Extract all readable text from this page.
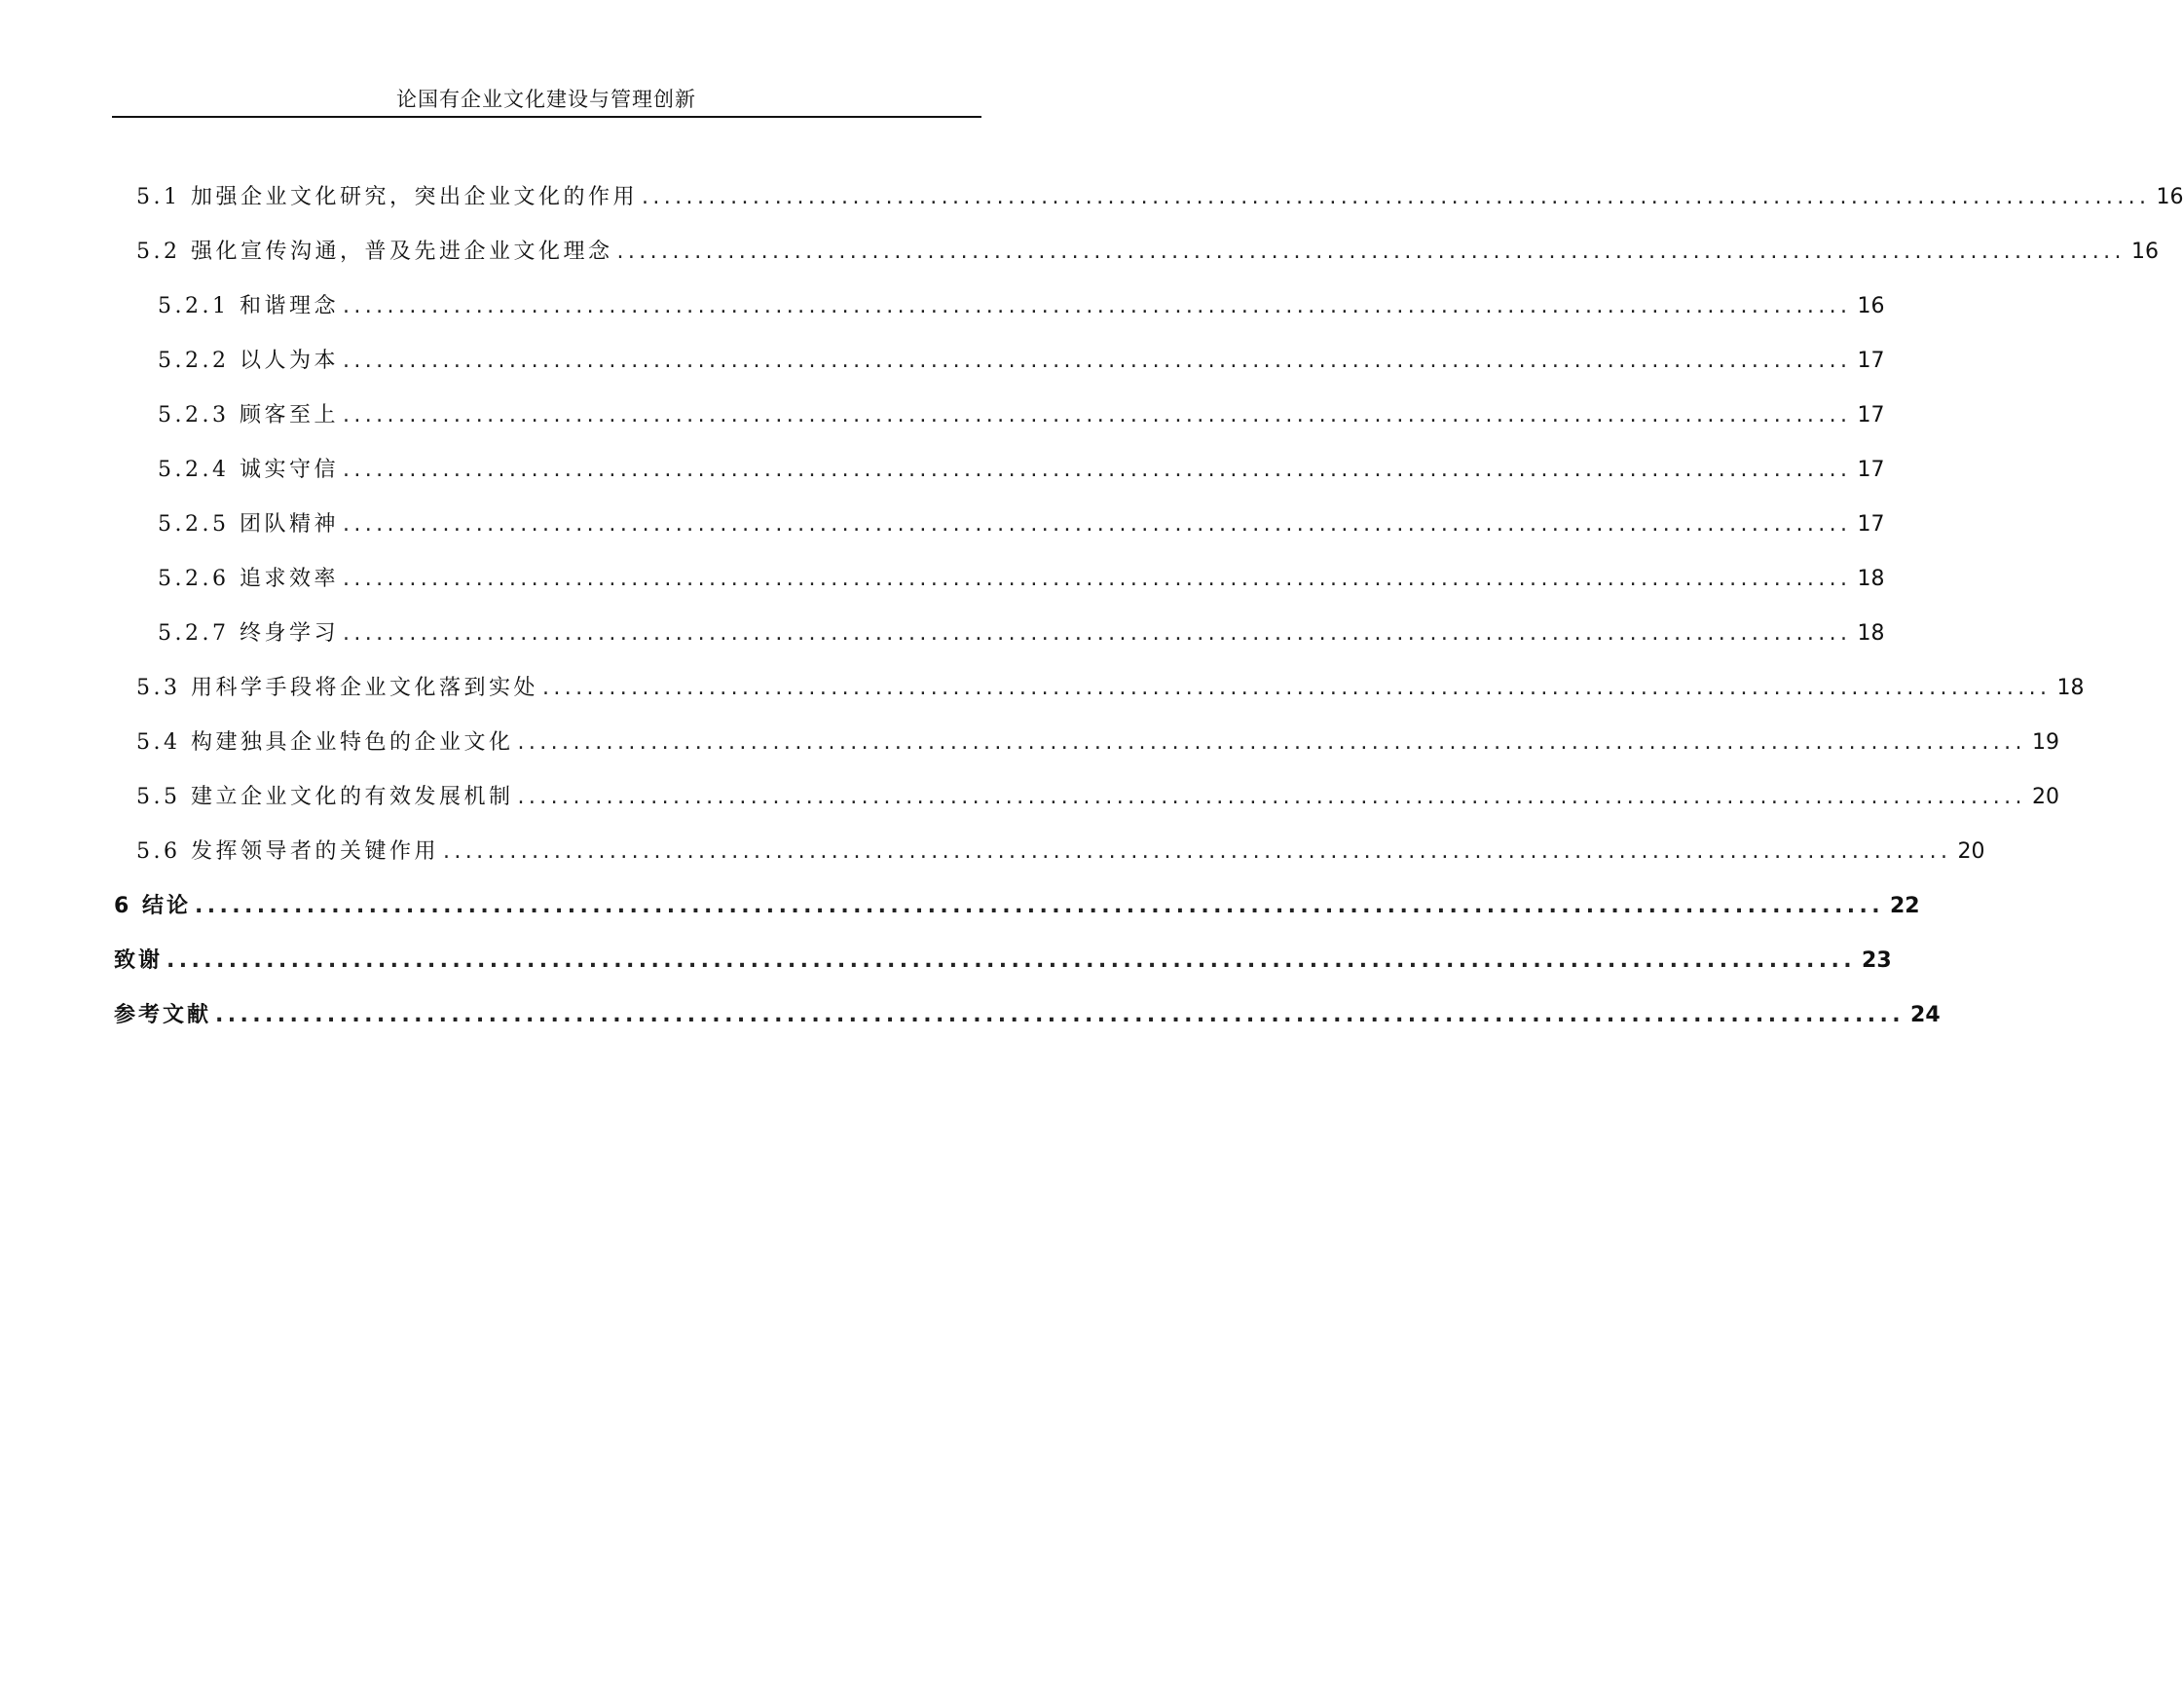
论国有企业文化建设与管理创新
5.1 加强企业文化研究，突出企业文化的作用 ........................................................................................................................................ 16
5.2 强化宣传沟通，普及先进企业文化理念 ........................................................................................................................................ 16
5.2.1 和谐理念 ........................................................................................................................................ 16
5.2.2 以人为本 ........................................................................................................................................ 17
5.2.3 顾客至上 ........................................................................................................................................ 17
5.2.4 诚实守信 ........................................................................................................................................ 17
5.2.5 团队精神 ........................................................................................................................................ 17
5.2.6 追求效率 ........................................................................................................................................ 18
5.2.7 终身学习 ........................................................................................................................................ 18
5.3 用科学手段将企业文化落到实处 ........................................................................................................................................ 18
5.4 构建独具企业特色的企业文化 ........................................................................................................................................ 19
5.5 建立企业文化的有效发展机制 ........................................................................................................................................ 20
5.6 发挥领导者的关键作用 ........................................................................................................................................ 20
6 结论 ........................................................................................................................................ 22
致谢 ........................................................................................................................................ 23
参考文献 ........................................................................................................................................ 24
